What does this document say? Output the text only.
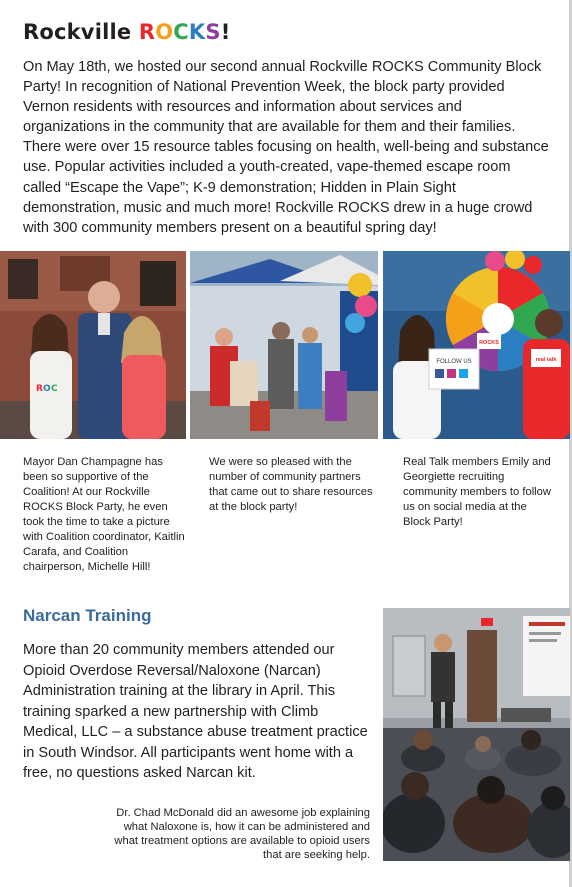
Rockville ROCKS!

On May 18th, we hosted our second annual Rockville ROCKS Community Block Party! In recognition of National Prevention Week, the block party provided Vernon residents with resources and information about services and organizations in the community that are available for them and their families. There were over 15 resource tables focusing on health, well-being and substance use. Popular activities included a youth-created, vape-themed escape room called “Escape the Vape”; K-9 demonstration; Hidden in Plain Sight demonstration, music and much more! Rockville ROCKS drew in a huge crowd with 300 community members present on a beautiful spring day!

R O C
FOLLOW US
ROCKS
real talk

Mayor Dan Champagne has been so supportive of the Coalition! At our Rockville ROCKS Block Party, he even took the time to take a picture with Coalition coordinator, Kaitlin Carafa, and Coalition chairperson, Michelle Hill!

We were so pleased with the number of community partners that came out to share resources at the block party!

Real Talk members Emily and Georgiette recruiting community members to follow us on social media at the Block Party!

Narcan Training

More than 20 community members attended our Opioid Overdose Reversal/Naloxone (Narcan) Administration training at the library in April. This training sparked a new partnership with Climb Medical, LLC – a substance abuse treatment practice in South Windsor. All participants went home with a free, no questions asked Narcan kit.

Dr. Chad McDonald did an awesome job explaining what Naloxone is, how it can be administered and what treatment options are available to opioid users that are seeking help.
